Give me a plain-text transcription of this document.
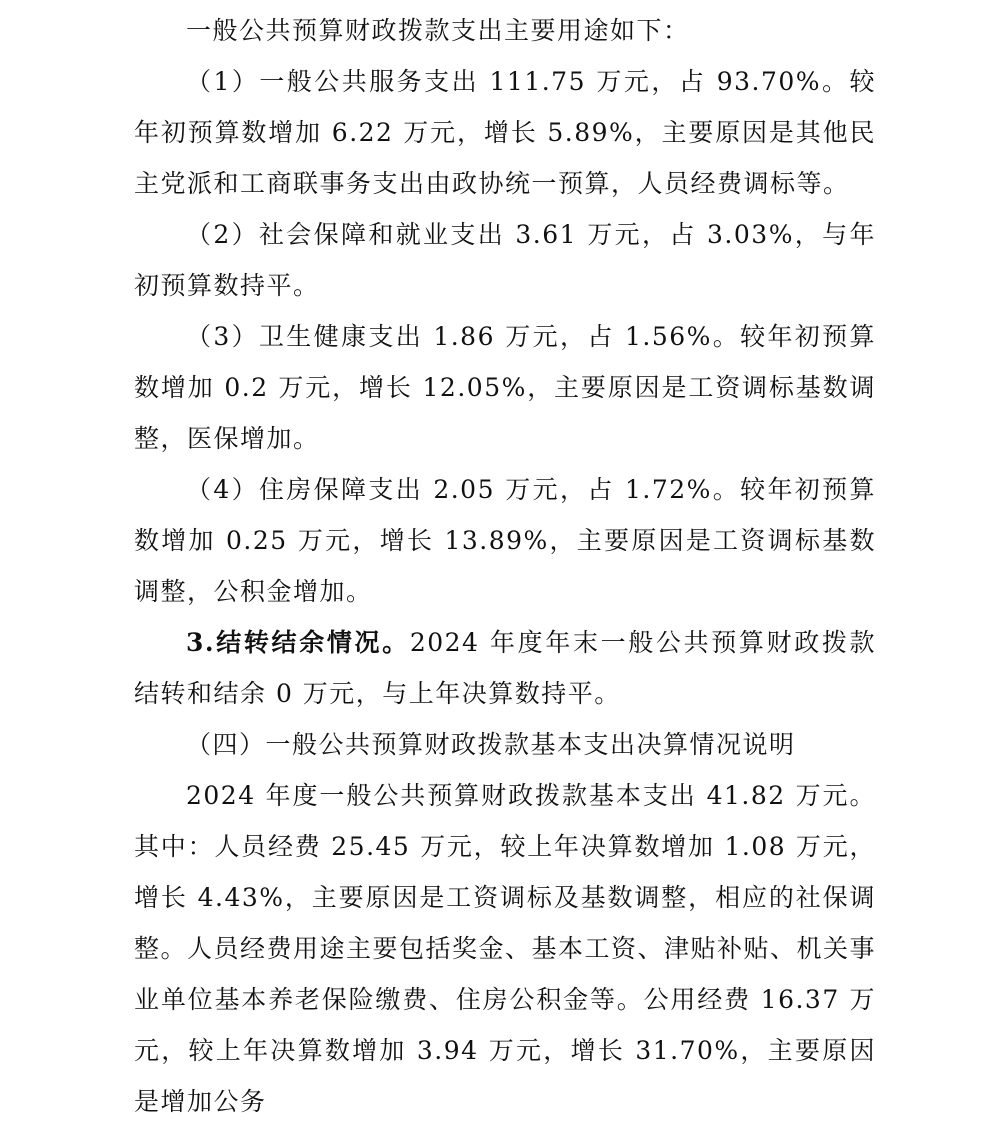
一般公共预算财政拨款支出主要用途如下：

（1）一般公共服务支出 111.75 万元，占 93.70%。较年初预算数增加 6.22 万元，增长 5.89%，主要原因是其他民主党派和工商联事务支出由政协统一预算，人员经费调标等。

（2）社会保障和就业支出 3.61 万元，占 3.03%，与年初预算数持平。

（3）卫生健康支出 1.86 万元，占 1.56%。较年初预算数增加 0.2 万元，增长 12.05%，主要原因是工资调标基数调整，医保增加。

（4）住房保障支出 2.05 万元，占 1.72%。较年初预算数增加 0.25 万元，增长 13.89%，主要原因是工资调标基数调整，公积金增加。

3.结转结余情况。2024 年度年末一般公共预算财政拨款结转和结余 0 万元，与上年决算数持平。

（四）一般公共预算财政拨款基本支出决算情况说明

2024 年度一般公共预算财政拨款基本支出 41.82 万元。其中：人员经费 25.45 万元，较上年决算数增加 1.08 万元，增长 4.43%，主要原因是工资调标及基数调整，相应的社保调整。人员经费用途主要包括奖金、基本工资、津贴补贴、机关事业单位基本养老保险缴费、住房公积金等。公用经费 16.37 万元，较上年决算数增加 3.94 万元，增长 31.70%，主要原因是增加公务
